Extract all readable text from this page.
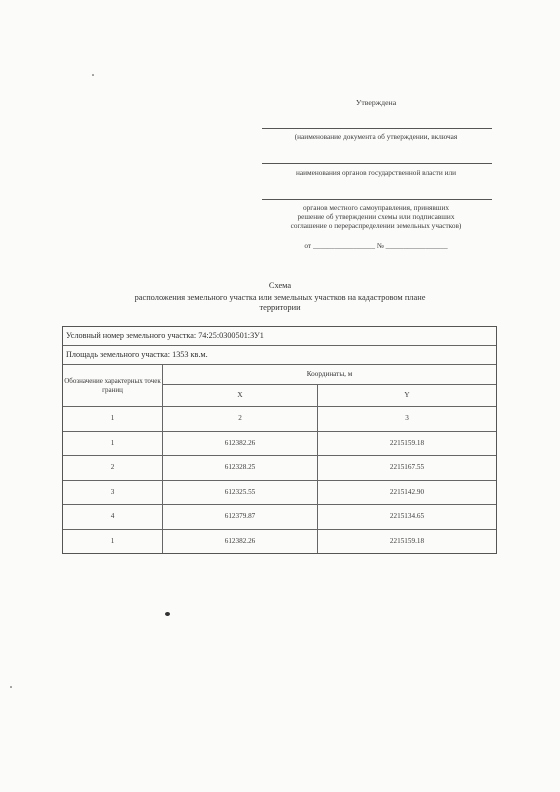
Утверждена
(наименование документа об утверждении, включая
наименования органов государственной власти или
органов местного самоуправления, принявших
решение об утверждении схемы или подписавших
соглашение о перераспределении земельных участков)
от _________________ № _________________
Схема
расположения земельного участка или земельных участков на кадастровом плане
территории
Условный номер земельного участка: 74:25:0300501:ЗУ1
Площадь земельного участка: 1353 кв.м.
Обозначение характерных точек границ
Координаты, м
X	Y
1	2	3
1	612382.26	2215159.18
2	612328.25	2215167.55
3	612325.55	2215142.90
4	612379.87	2215134.65
1	612382.26	2215159.18
